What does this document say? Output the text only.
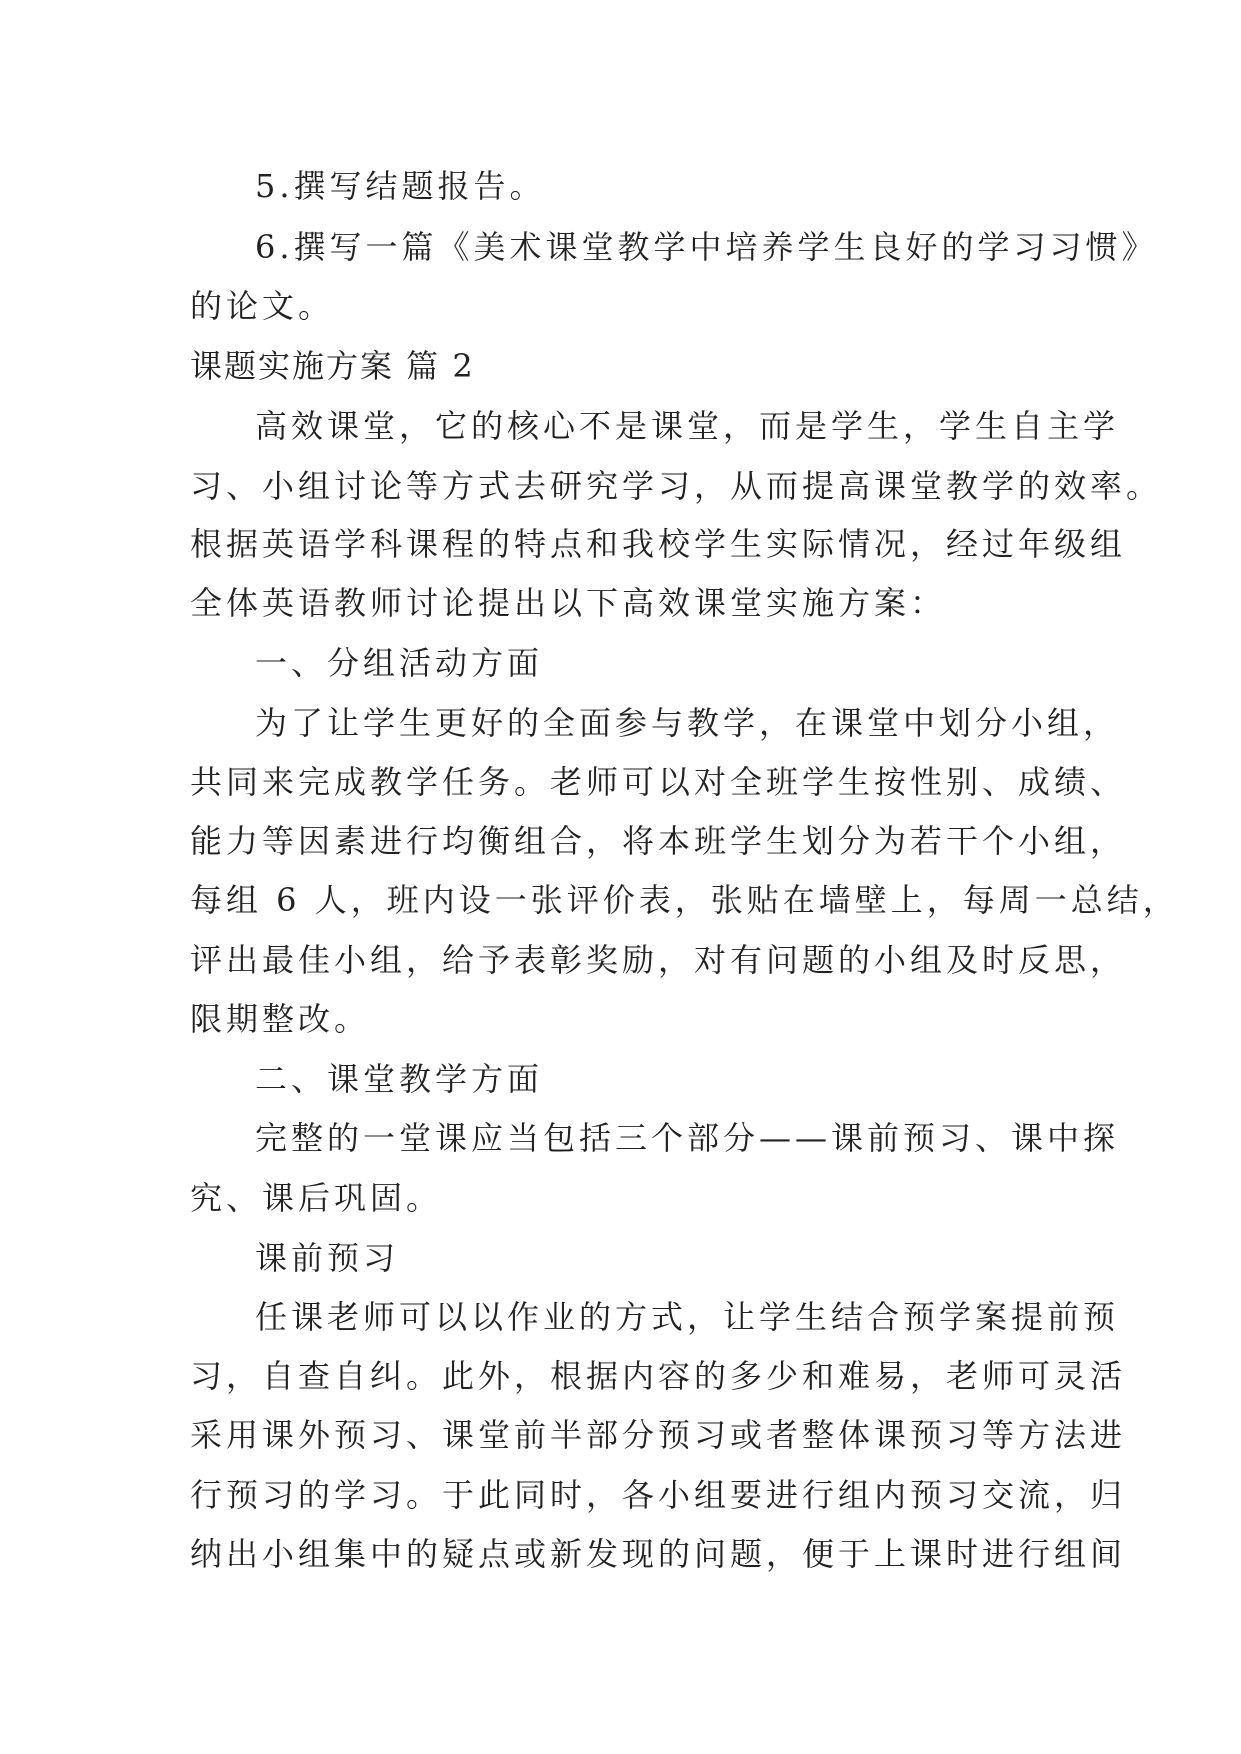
5.撰写结题报告。
6.撰写一篇《美术课堂教学中培养学生良好的学习习惯》
的论文。
课题实施方案 篇 2
高效课堂，它的核心不是课堂，而是学生，学生自主学
习、小组讨论等方式去研究学习，从而提高课堂教学的效率。
根据英语学科课程的特点和我校学生实际情况，经过年级组
全体英语教师讨论提出以下高效课堂实施方案：
一、分组活动方面
为了让学生更好的全面参与教学，在课堂中划分小组，
共同来完成教学任务。老师可以对全班学生按性别、成绩、
能力等因素进行均衡组合，将本班学生划分为若干个小组，
每组 6 人，班内设一张评价表，张贴在墙壁上，每周一总结，
评出最佳小组，给予表彰奖励，对有问题的小组及时反思，
限期整改。
二、课堂教学方面
完整的一堂课应当包括三个部分——课前预习、课中探
究、课后巩固。
课前预习
任课老师可以以作业的方式，让学生结合预学案提前预
习，自查自纠。此外，根据内容的多少和难易，老师可灵活
采用课外预习、课堂前半部分预习或者整体课预习等方法进
行预习的学习。于此同时，各小组要进行组内预习交流，归
纳出小组集中的疑点或新发现的问题，便于上课时进行组间
